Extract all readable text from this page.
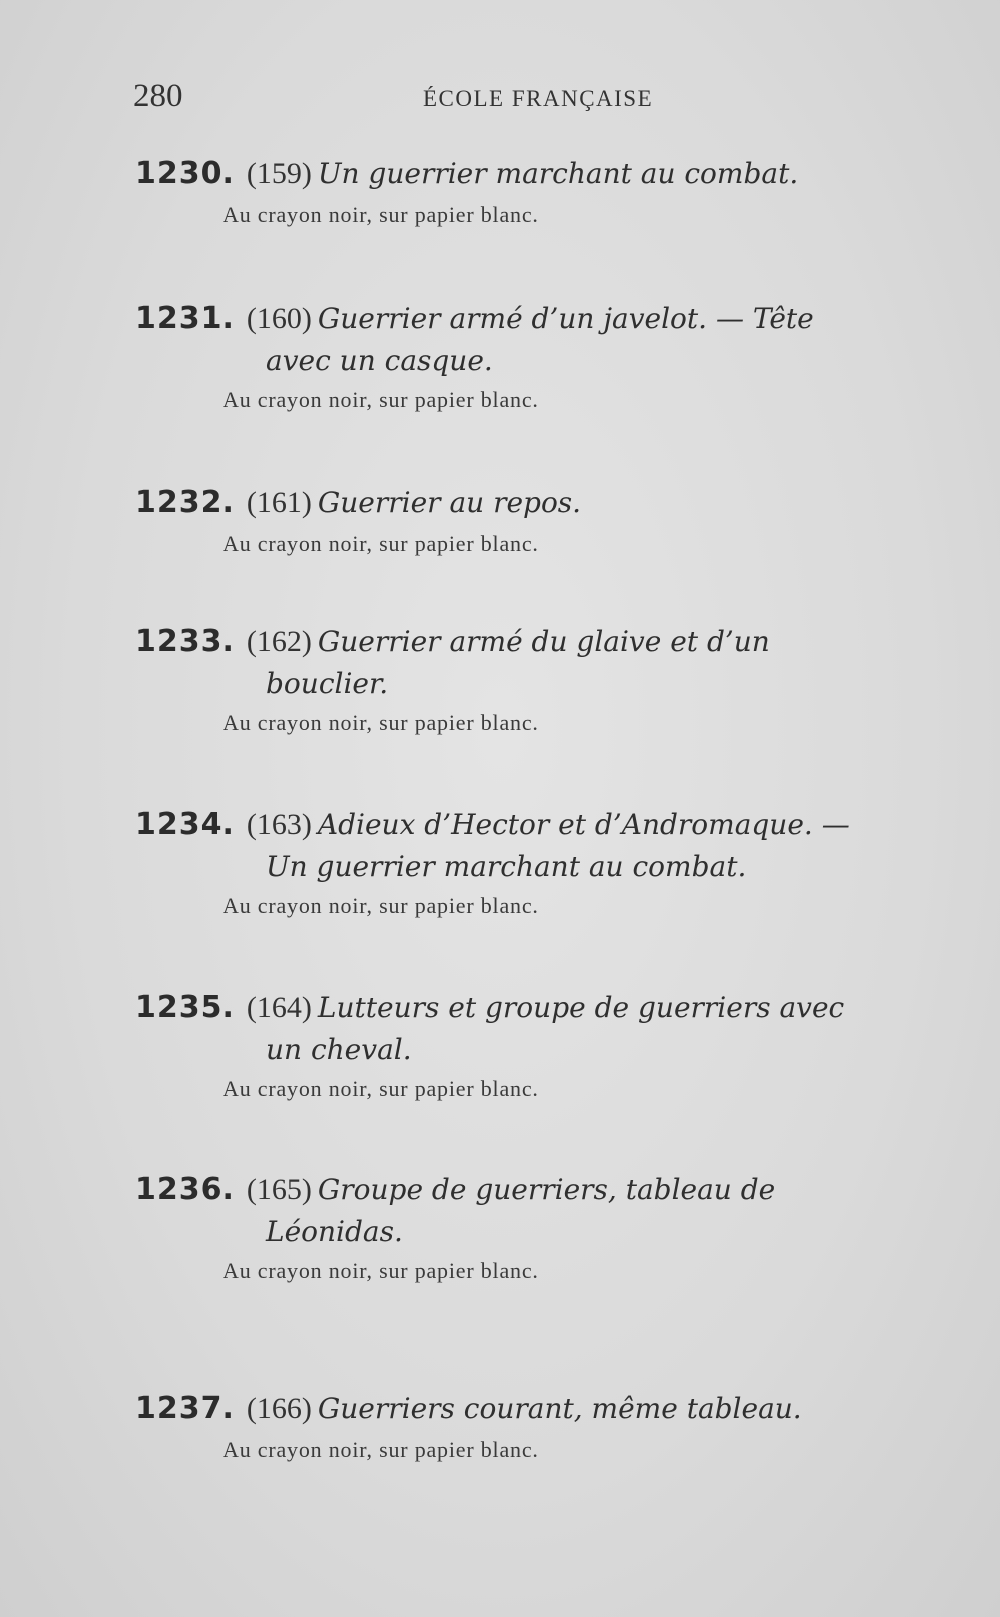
280	ÉCOLE FRANÇAISE
1230. (159) Un guerrier marchant au combat.
Au crayon noir, sur papier blanc.
1231. (160) Guerrier armé d’un javelot. — Tête
avec un casque.
Au crayon noir, sur papier blanc.
1232. (161) Guerrier au repos.
Au crayon noir, sur papier blanc.
1233. (162) Guerrier armé du glaive et d’un
bouclier.
Au crayon noir, sur papier blanc.
1234. (163) Adieux d’Hector et d’Andromaque. —
Un guerrier marchant au combat.
Au crayon noir, sur papier blanc.
1235. (164) Lutteurs et groupe de guerriers avec
un cheval.
Au crayon noir, sur papier blanc.
1236. (165) Groupe de guerriers, tableau de
Léonidas.
Au crayon noir, sur papier blanc.
1237. (166) Guerriers courant, même tableau.
Au crayon noir, sur papier blanc.
